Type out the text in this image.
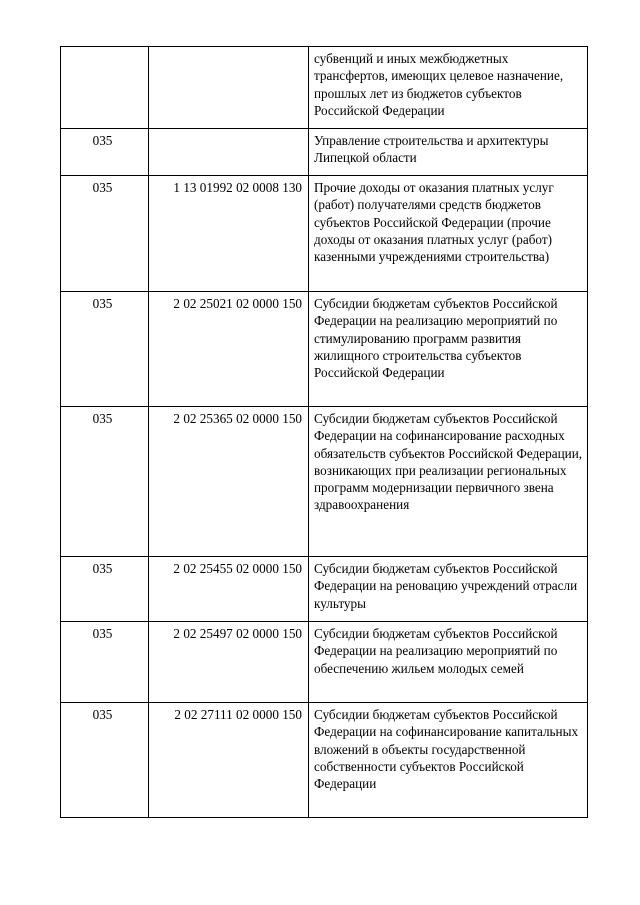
		субвенций и иных межбюджетных трансфертов, имеющих целевое назначение, прошлых лет из бюджетов субъектов Российской Федерации
035		Управление строительства и архитектуры Липецкой области
035	1 13 01992 02 0008 130	Прочие доходы от оказания платных услуг (работ) получателями средств бюджетов субъектов Российской Федерации (прочие доходы от оказания платных услуг (работ) казенными учреждениями строительства)
035	2 02 25021 02 0000 150	Субсидии бюджетам субъектов Российской Федерации на реализацию мероприятий по стимулированию программ развития жилищного строительства субъектов Российской Федерации
035	2 02 25365 02 0000 150	Субсидии бюджетам субъектов Российской Федерации на софинансирование расходных обязательств субъектов Российской Федерации, возникающих при реализации региональных программ модернизации первичного звена здравоохранения
035	2 02 25455 02 0000 150	Субсидии бюджетам субъектов Российской Федерации на реновацию учреждений отрасли культуры
035	2 02 25497 02 0000 150	Субсидии бюджетам субъектов Российской Федерации на реализацию мероприятий по обеспечению жильем молодых семей
035	2 02 27111 02 0000 150	Субсидии бюджетам субъектов Российской Федерации на софинансирование капитальных вложений в объекты государственной собственности субъектов Российской Федерации
